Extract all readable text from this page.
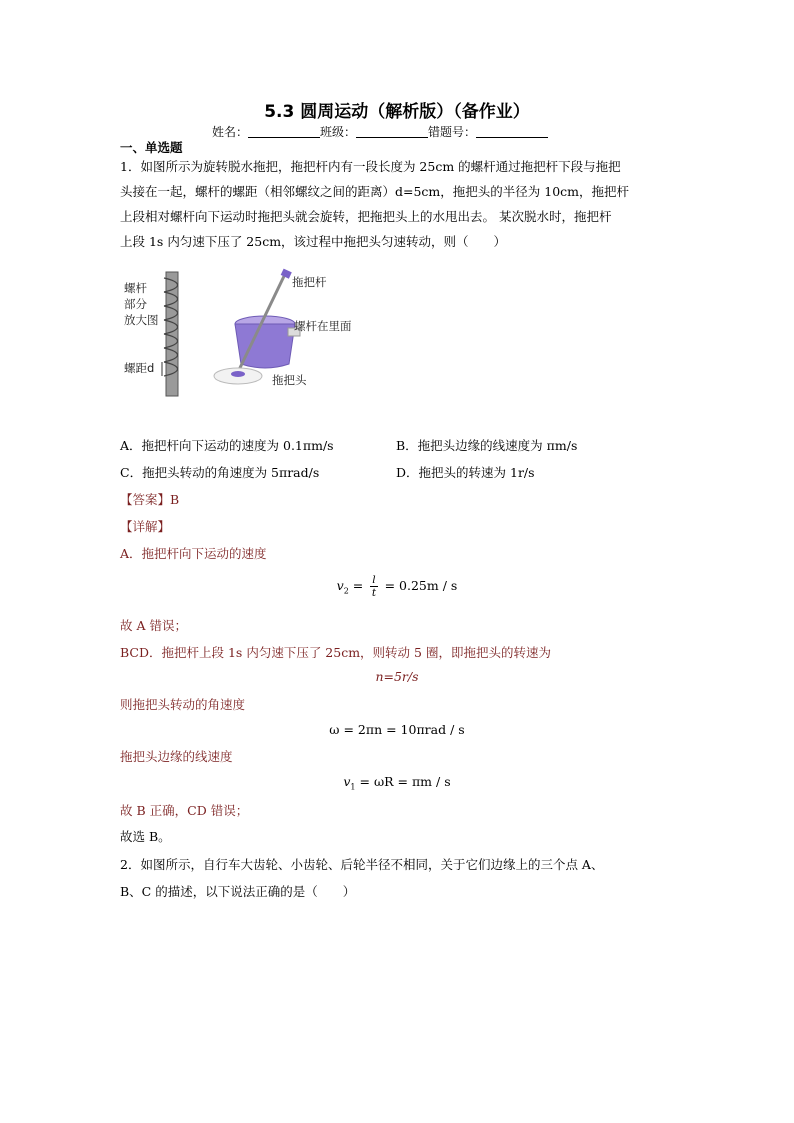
5.3 圆周运动（解析版）（备作业）
姓名：	班级：	错题号：
一、单选题
1．如图所示为旋转脱水拖把，拖把杆内有一段长度为 25cm 的螺杆通过拖把杆下段与拖把
头接在一起，螺杆的螺距（相邻螺纹之间的距离）d=5cm，拖把头的半径为 10cm，拖把杆
上段相对螺杆向下运动时拖把头就会旋转，把拖把头上的水甩出去。 某次脱水时，拖把杆
上段 1s 内匀速下压了 25cm，该过程中拖把头匀速转动，则（　　）
螺杆
部分
放大图
螺距d
拖把杆
螺杆在里面
拖把头
A．拖把杆向下运动的速度为 0.1πm/s	B．拖把头边缘的线速度为 πm/s
C．拖把头转动的角速度为 5πrad/s	D．拖把头的转速为 1r/s
【答案】B
【详解】
A．拖把杆向下运动的速度
$v_2 = \frac{l}{t} = 0.25m / s$
故 A 错误；
BCD．拖把杆上段 1s 内匀速下压了 25cm，则转动 5 圈，即拖把头的转速为
n=5r/s
则拖把头转动的角速度
ω = 2πn = 10πrad / s
拖把头边缘的线速度
$v_1 = \omega R = \pi m / s$
故 B 正确，CD 错误；
故选 B。
2．如图所示，自行车大齿轮、小齿轮、后轮半径不相同，关于它们边缘上的三个点 A、
B、C 的描述，以下说法正确的是（　　）
